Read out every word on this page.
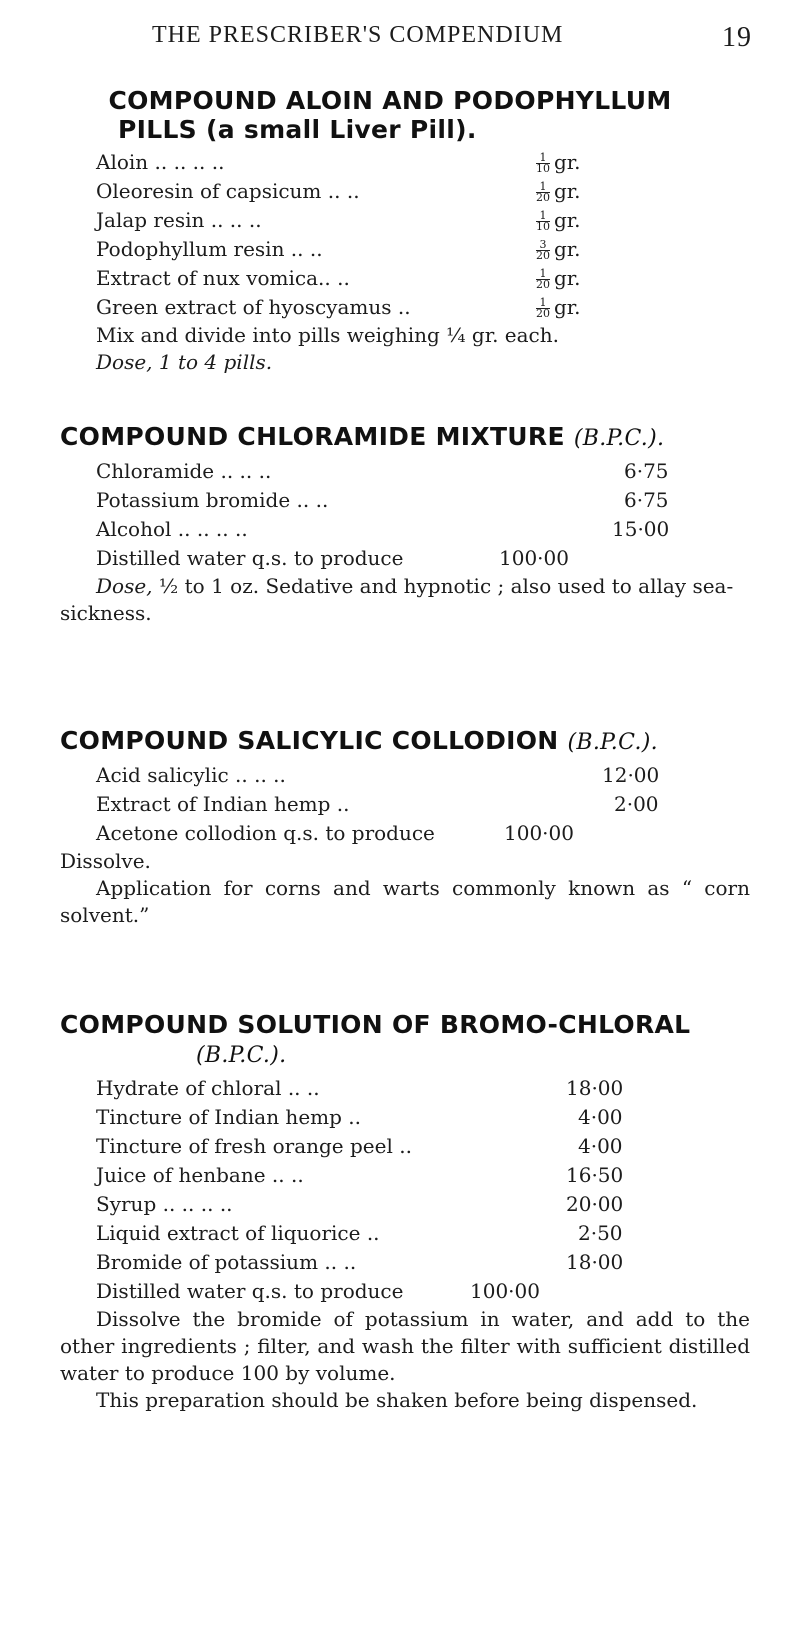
THE PRESCRIBER'S COMPENDIUM	19
COMPOUND ALOIN AND PODOPHYLLUM
PILLS (a small Liver Pill).
Aloin .. .. .. ..	$\frac{1}{10}$ gr.
Oleoresin of capsicum .. ..	$\frac{1}{20}$ gr.
Jalap resin .. .. ..	$\frac{1}{10}$ gr.
Podophyllum resin .. ..	$\frac{3}{20}$ gr.
Extract of nux vomica.. ..	$\frac{1}{20}$ gr.
Green extract of hyoscyamus ..	$\frac{1}{20}$ gr.

Mix and divide into pills weighing ¼ gr. each.

Dose, 1 to 4 pills.

COMPOUND CHLORAMIDE MIXTURE (B.P.C.).
Chloramide .. .. ..	6·75
Potassium bromide .. ..	6·75
Alcohol .. .. .. ..	15·00
Distilled water q.s. to produce	100·00

Dose, ½ to 1 oz. Sedative and hypnotic ; also used to allay sea-sickness.

COMPOUND SALICYLIC COLLODION (B.P.C.).
Acid salicylic .. .. ..	12·00
Extract of Indian hemp ..	2·00
Acetone collodion q.s. to produce	100·00

Dissolve.

Application for corns and warts commonly known as “ corn solvent.”

COMPOUND SOLUTION OF BROMO-CHLORAL
(B.P.C.).
Hydrate of chloral .. ..	18·00
Tincture of Indian hemp ..	4·00
Tincture of fresh orange peel ..	4·00
Juice of henbane .. ..	16·50
Syrup .. .. .. ..	20·00
Liquid extract of liquorice ..	2·50
Bromide of potassium .. ..	18·00
Distilled water q.s. to produce	100·00

Dissolve the bromide of potassium in water, and add to the other ingredients ; filter, and wash the filter with sufficient distilled water to produce 100 by volume.

This preparation should be shaken before being dispensed.
